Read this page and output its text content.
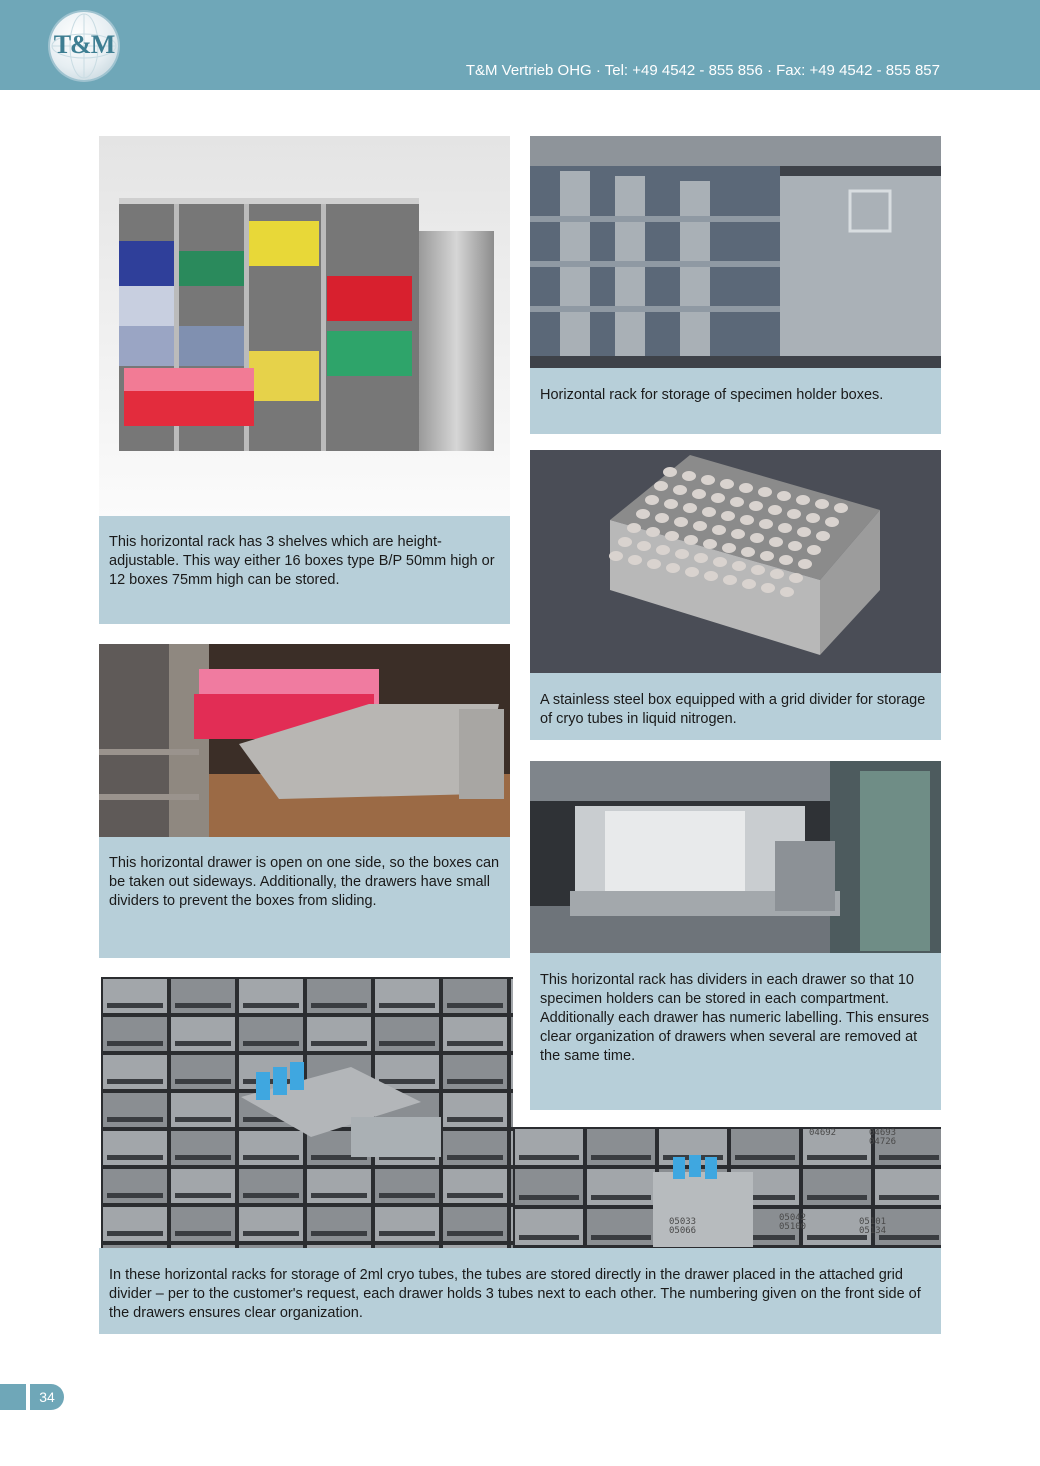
T&M
T&M Vertrieb OHG · Tel: +49 4542 - 855 856 · Fax: +49 4542 - 855 857
This horizontal rack has 3 shelves which are height-adjustable. This way either 16 boxes type B/P 50mm high or 12 boxes 75mm high can be stored.
Horizontal rack for storage of specimen holder boxes.
A stainless steel box equipped with a grid divider for storage of cryo tubes in liquid nitrogen.
This horizontal drawer is open on one side, so the boxes can be taken out sideways. Additionally, the drawers have small dividers to prevent the boxes from sliding.
This horizontal rack has dividers in each drawer so that 10 specimen holders can be stored in each compartment. Additionally each drawer has numeric labelling. This ensures clear organization of drawers when several are removed at the same time.
04692	04693
04726
05033
05066
05042
05100	05101
05134
In these horizontal racks for storage of 2ml cryo tubes, the tubes are stored directly in the drawer placed in the attached grid divider – per to the customer's request, each drawer holds 3 tubes next to each other. The numbering given on the front side of the drawers ensures clear organization.
34
